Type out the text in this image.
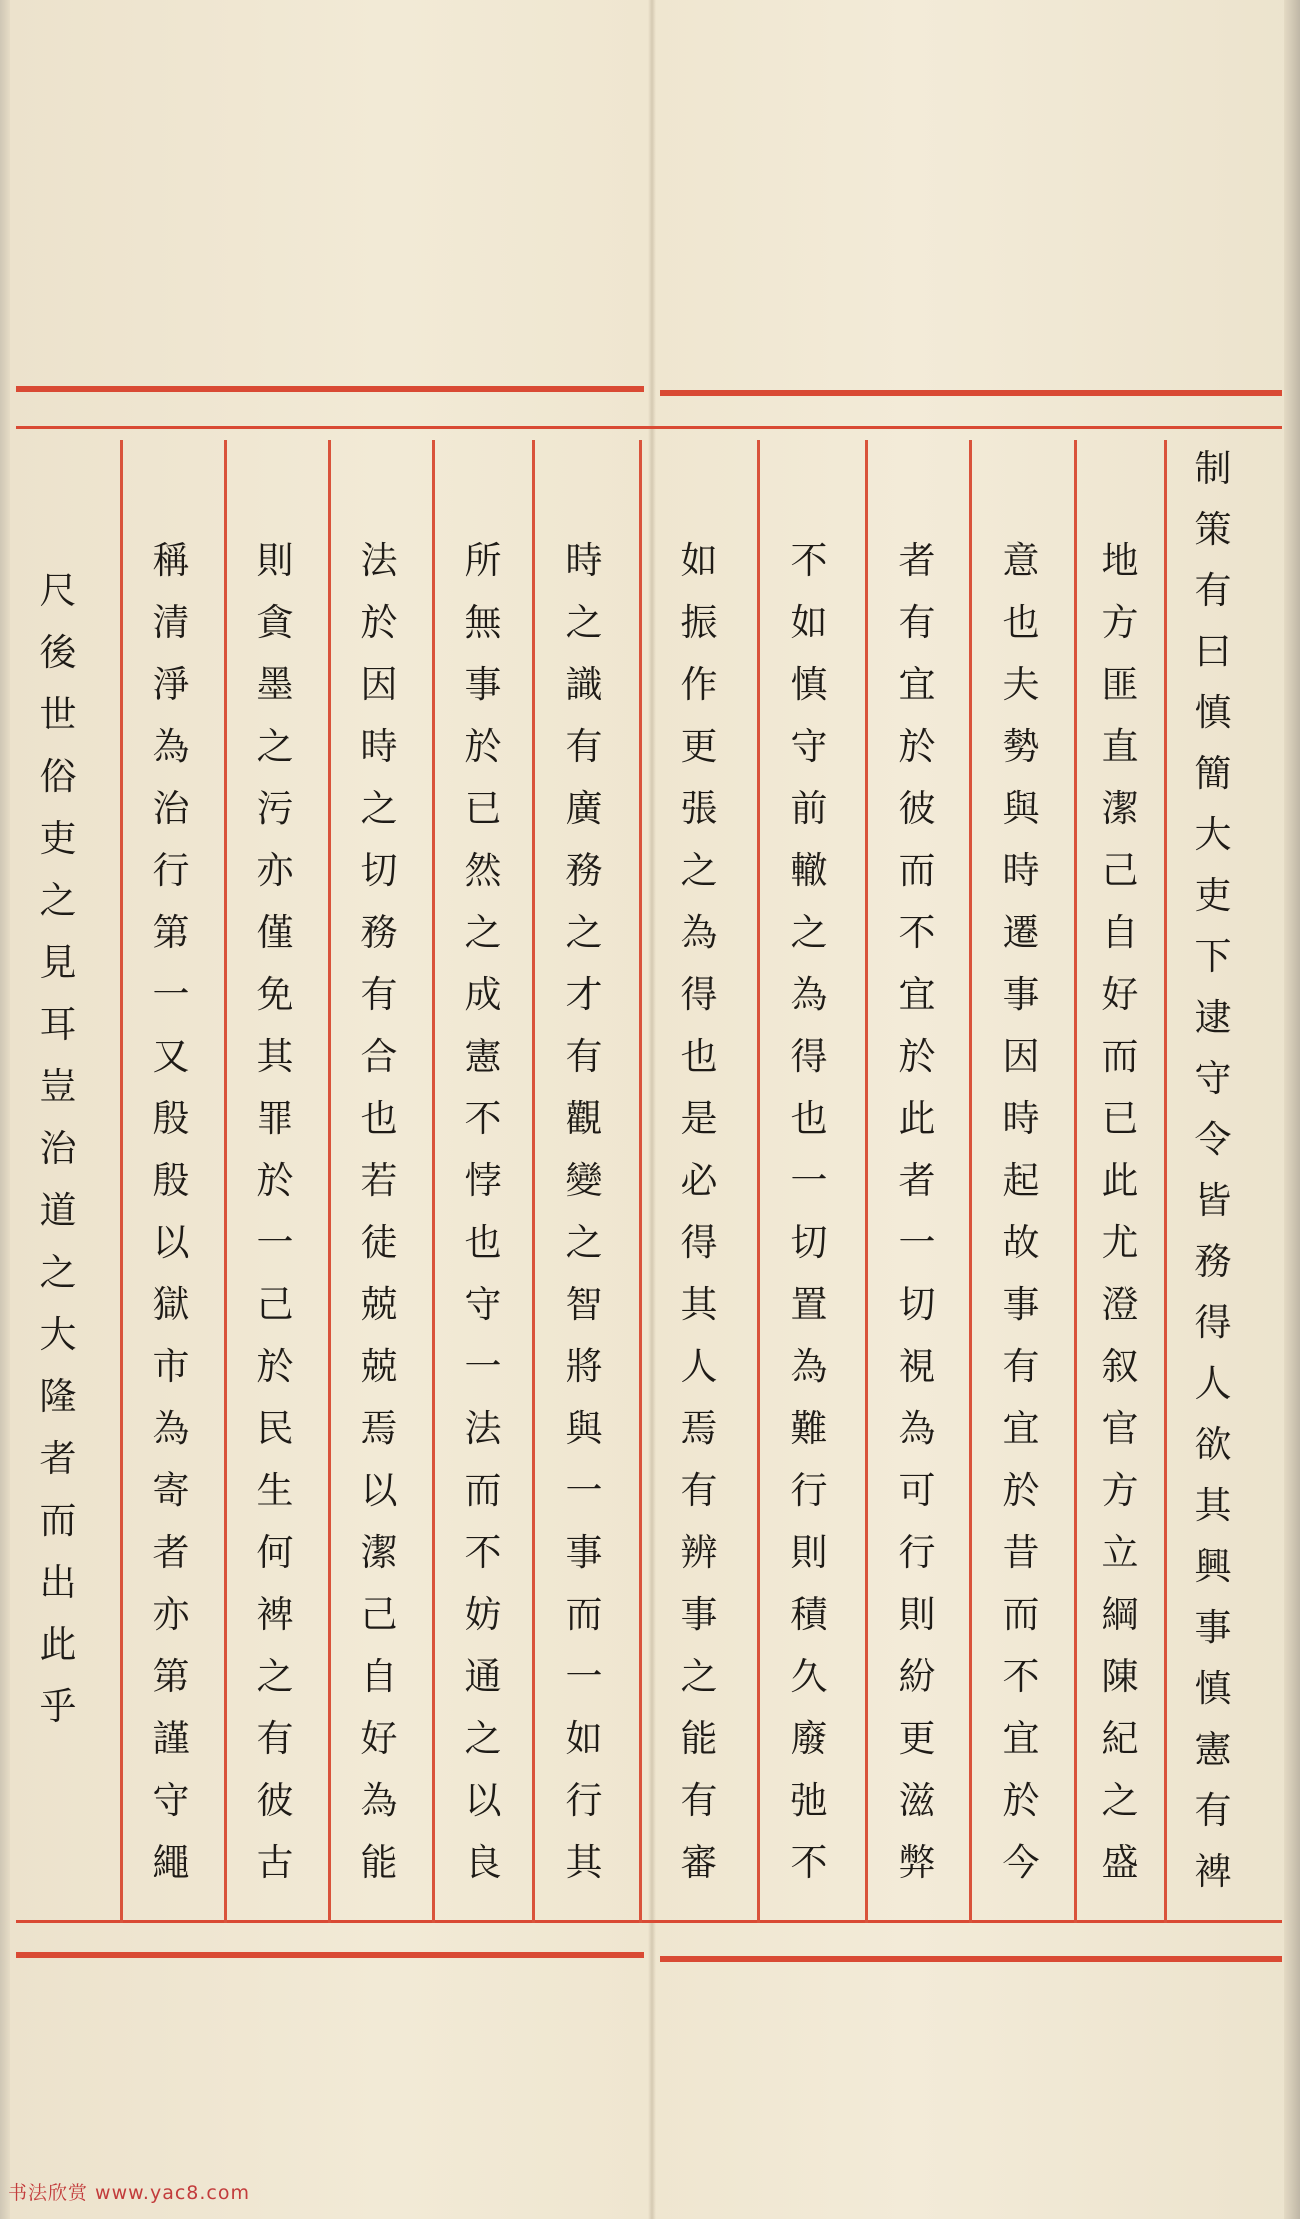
制
策
有
曰
慎
簡
大
吏
下
逮
守
令
皆
務
得
人
欲
其
興
事
慎
憲
有
裨
地
方
匪
直
潔
己
自
好
而
已
此
尤
澄
叙
官
方
立
綱
陳
紀
之
盛
意
也
夫
勢
與
時
遷
事
因
時
起
故
事
有
宜
於
昔
而
不
宜
於
今
者
有
宜
於
彼
而
不
宜
於
此
者
一
切
視
為
可
行
則
紛
更
滋
弊
不
如
慎
守
前
轍
之
為
得
也
一
切
置
為
難
行
則
積
久
廢
弛
不
如
振
作
更
張
之
為
得
也
是
必
得
其
人
焉
有
辨
事
之
能
有
審
時
之
識
有
廣
務
之
才
有
觀
變
之
智
將
與
一
事
而
一
如
行
其
所
無
事
於
已
然
之
成
憲
不
悖
也
守
一
法
而
不
妨
通
之
以
良
法
於
因
時
之
切
務
有
合
也
若
徒
兢
兢
焉
以
潔
己
自
好
為
能
則
貪
墨
之
污
亦
僅
免
其
罪
於
一
己
於
民
生
何
裨
之
有
彼
古
稱
清
淨
為
治
行
第
一
又
殷
殷
以
獄
市
為
寄
者
亦
第
謹
守
繩
尺
後
世
俗
吏
之
見
耳
豈
治
道
之
大
隆
者
而
出
此
乎
书法欣赏 www.yac8.com
